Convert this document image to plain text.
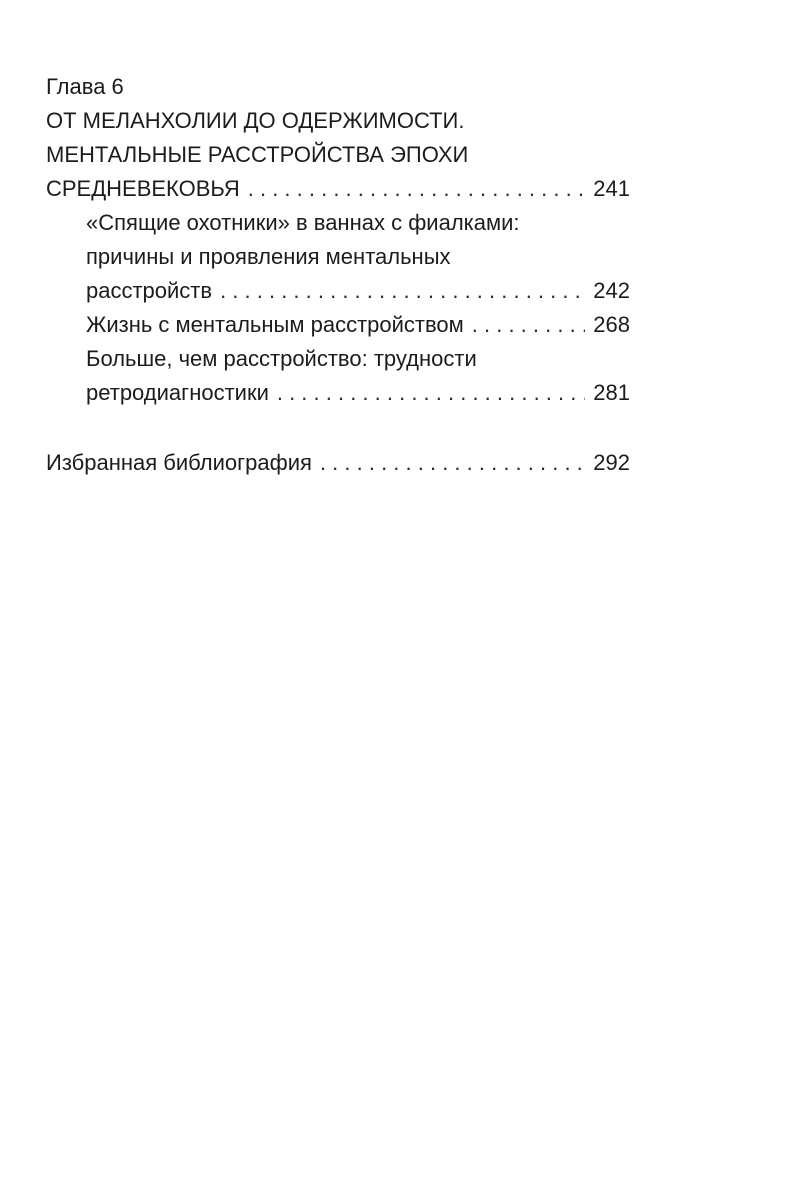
Глава 6
ОТ МЕЛАНХОЛИИ ДО ОДЕРЖИМОСТИ.
МЕНТАЛЬНЫЕ РАССТРОЙСТВА ЭПОХИ
СРЕДНЕВЕКОВЬЯ . . .	241
«Спящие охотники» в ваннах с фиалками:
причины и проявления ментальных
расстройств . . .	242
Жизнь с ментальным расстройством . . .	268
Больше, чем расстройство: трудности
ретродиагностики . . .	281
Избранная библиография . . .	292
